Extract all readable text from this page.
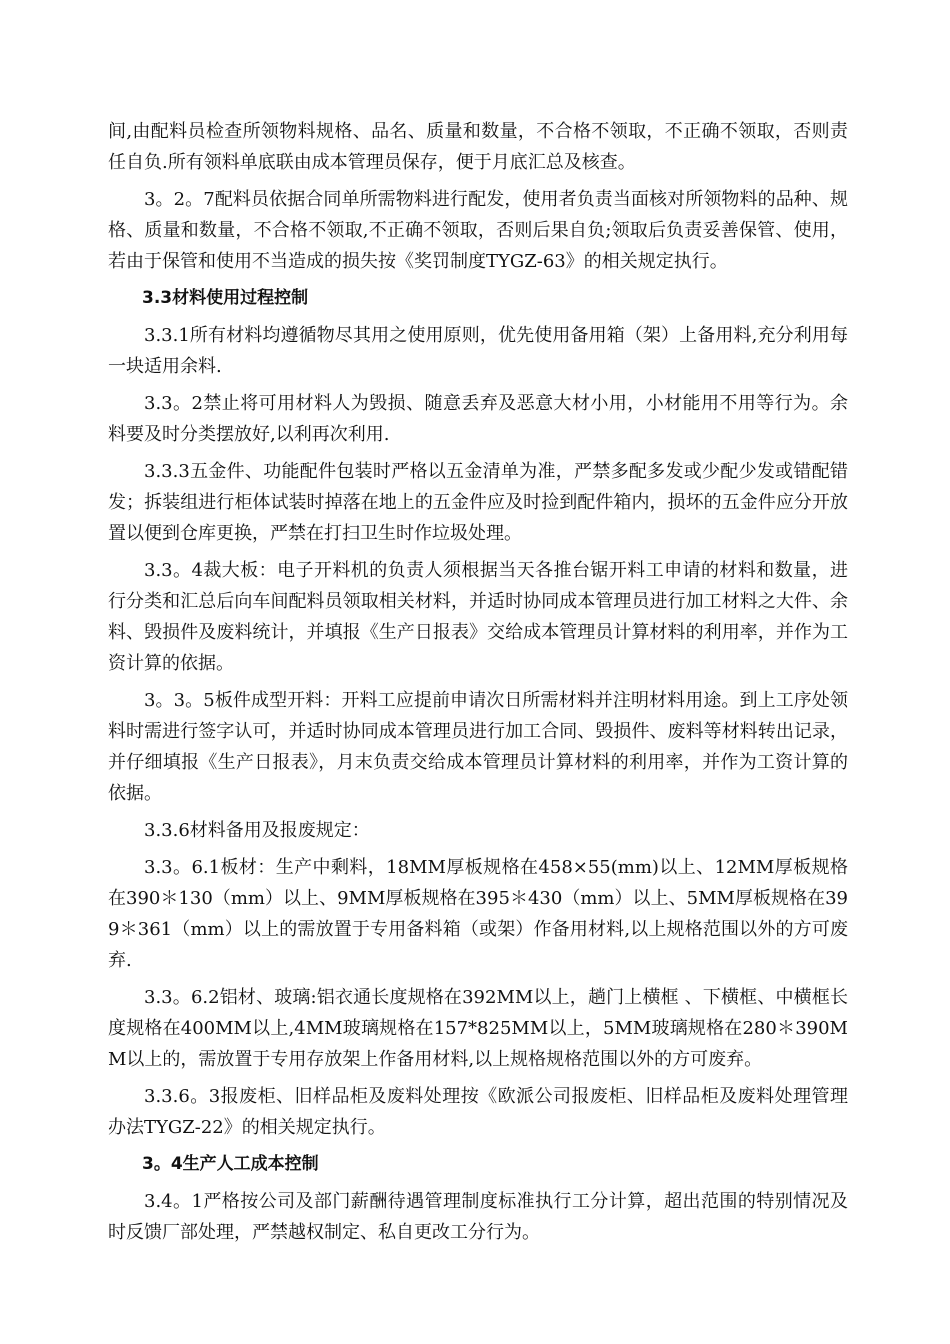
间,由配料员检查所领物料规格、品名、质量和数量，不合格不领取，不正确不领取，否则责任自负.所有领料单底联由成本管理员保存，便于月底汇总及核查。

3。2。7配料员依据合同单所需物料进行配发，使用者负责当面核对所领物料的品种、规格、质量和数量，不合格不领取,不正确不领取，否则后果自负;领取后负责妥善保管、使用，若由于保管和使用不当造成的损失按《奖罚制度TYGZ-63》的相关规定执行。

3.3材料使用过程控制

3.3.1所有材料均遵循物尽其用之使用原则，优先使用备用箱（架）上备用料,充分利用每一块适用余料.

3.3。2禁止将可用材料人为毁损、随意丢弃及恶意大材小用，小材能用不用等行为。余料要及时分类摆放好,以利再次利用.

3.3.3五金件、功能配件包装时严格以五金清单为准，严禁多配多发或少配少发或错配错发；拆装组进行柜体试装时掉落在地上的五金件应及时捡到配件箱内，损坏的五金件应分开放置以便到仓库更换，严禁在打扫卫生时作垃圾处理。

3.3。4裁大板：电子开料机的负责人须根据当天各推台锯开料工申请的材料和数量，进行分类和汇总后向车间配料员领取相关材料，并适时协同成本管理员进行加工材料之大件、余料、毁损件及废料统计，并填报《生产日报表》交给成本管理员计算材料的利用率，并作为工资计算的依据。

3。3。5板件成型开料：开料工应提前申请次日所需材料并注明材料用途。到上工序处领料时需进行签字认可，并适时协同成本管理员进行加工合同、毁损件、废料等材料转出记录，并仔细填报《生产日报表》，月末负责交给成本管理员计算材料的利用率，并作为工资计算的依据。

3.3.6材料备用及报废规定：

3.3。6.1板材：生产中剩料，18MM厚板规格在458×55(mm)以上、12MM厚板规格在390＊130（mm）以上、9MM厚板规格在395＊430（mm）以上、5MM厚板规格在399＊361（mm）以上的需放置于专用备料箱（或架）作备用材料,以上规格范围以外的方可废弃.

3.3。6.2铝材、玻璃:铝衣通长度规格在392MM以上，趟门上横框 、下横框、中横框长度规格在400MM以上,4MM玻璃规格在157*825MM以上，5MM玻璃规格在280＊390MM以上的，需放置于专用存放架上作备用材料,以上规格规格范围以外的方可废弃。

3.3.6。3报废柜、旧样品柜及废料处理按《欧派公司报废柜、旧样品柜及废料处理管理办法TYGZ-22》的相关规定执行。

3。4生产人工成本控制

3.4。1严格按公司及部门薪酬待遇管理制度标准执行工分计算，超出范围的特别情况及时反馈厂部处理，严禁越权制定、私自更改工分行为。
